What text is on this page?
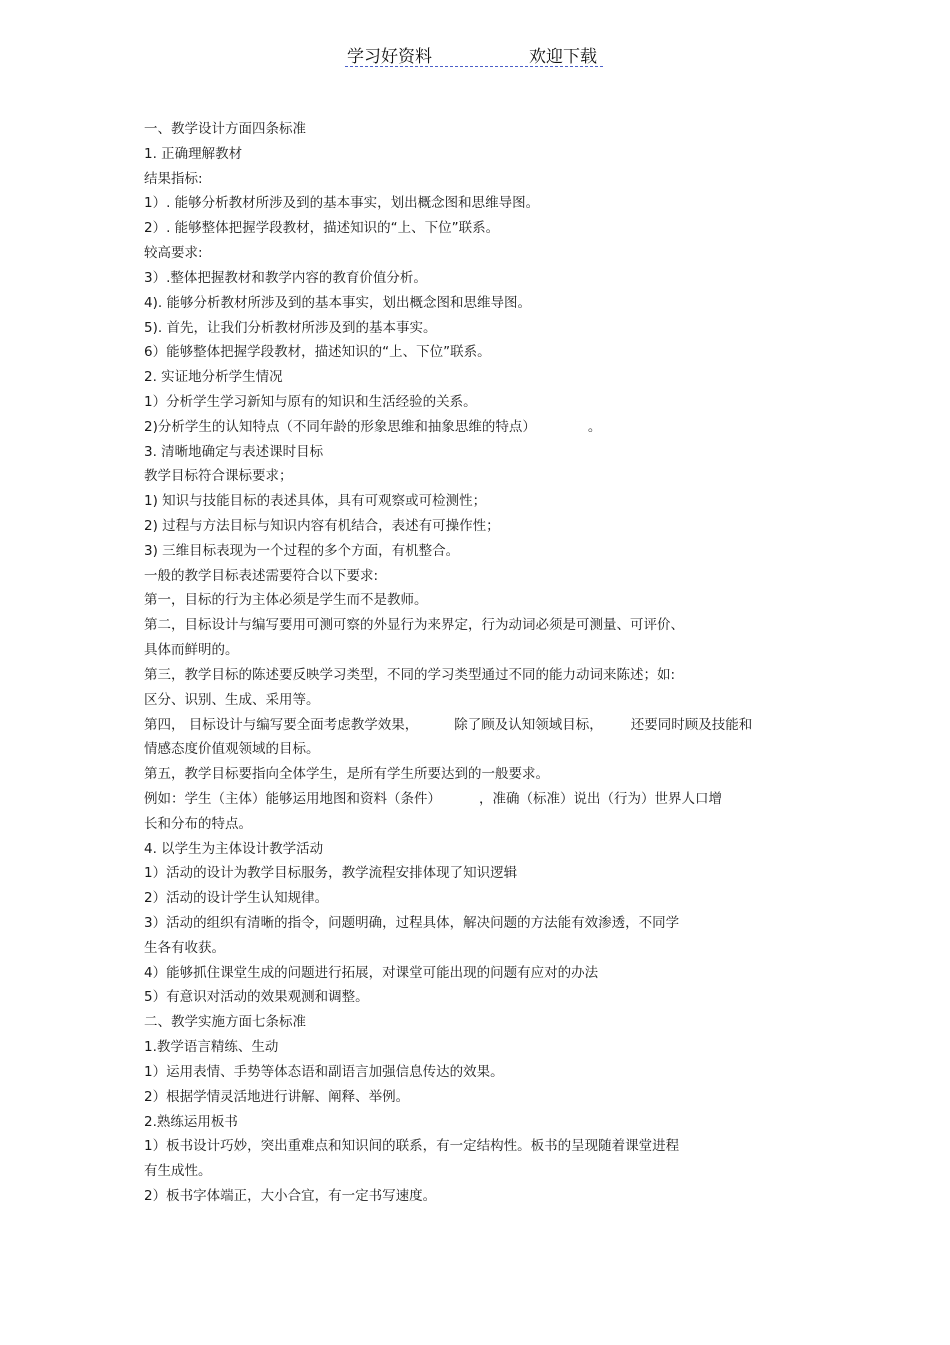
学习好资料	欢迎下载
一、教学设计方面四条标准
1. 正确理解教材
结果指标:
1）. 能够分析教材所涉及到的基本事实，划出概念图和思维导图。
2）. 能够整体把握学段教材，描述知识的“上、下位”联系。
较高要求:
3）.整体把握教材和教学内容的教育价值分析。
4). 能够分析教材所涉及到的基本事实，划出概念图和思维导图。
5). 首先，让我们分析教材所涉及到的基本事实。
6）能够整体把握学段教材，描述知识的“上、下位”联系。
2. 实证地分析学生情况
1）分析学生学习新知与原有的知识和生活经验的关系。
2)分析学生的认知特点（不同年龄的形象思维和抽象思维的特点）	。
3. 清晰地确定与表述课时目标
教学目标符合课标要求；
1) 知识与技能目标的表述具体，具有可观察或可检测性；
2) 过程与方法目标与知识内容有机结合，表述有可操作性；
3) 三维目标表现为一个过程的多个方面，有机整合。
一般的教学目标表述需要符合以下要求:
第一，目标的行为主体必须是学生而不是教师。
第二，目标设计与编写要用可测可察的外显行为来界定，行为动词必须是可测量、可评价、
具体而鲜明的。
第三，教学目标的陈述要反映学习类型，不同的学习类型通过不同的能力动词来陈述；如:
区分、识别、生成、采用等。
第四， 目标设计与编写要全面考虑教学效果，	除了顾及认知领域目标， 还要同时顾及技能和
情感态度价值观领域的目标。
第五，教学目标要指向全体学生，是所有学生所要达到的一般要求。
例如：学生（主体）能够运用地图和资料（条件）	，准确（标准）说出（行为）世界人口增
长和分布的特点。
4. 以学生为主体设计教学活动
1）活动的设计为教学目标服务，教学流程安排体现了知识逻辑
2）活动的设计学生认知规律。
3）活动的组织有清晰的指令，问题明确，过程具体，解决问题的方法能有效渗透，不同学
生各有收获。
4）能够抓住课堂生成的问题进行拓展，对课堂可能出现的问题有应对的办法
5）有意识对活动的效果观测和调整。
二、教学实施方面七条标准
1.教学语言精练、生动
1）运用表情、手势等体态语和副语言加强信息传达的效果。
2）根据学情灵活地进行讲解、阐释、举例。
2.熟练运用板书
1）板书设计巧妙，突出重难点和知识间的联系，有一定结构性。板书的呈现随着课堂进程
有生成性。
2）板书字体端正，大小合宜，有一定书写速度。
